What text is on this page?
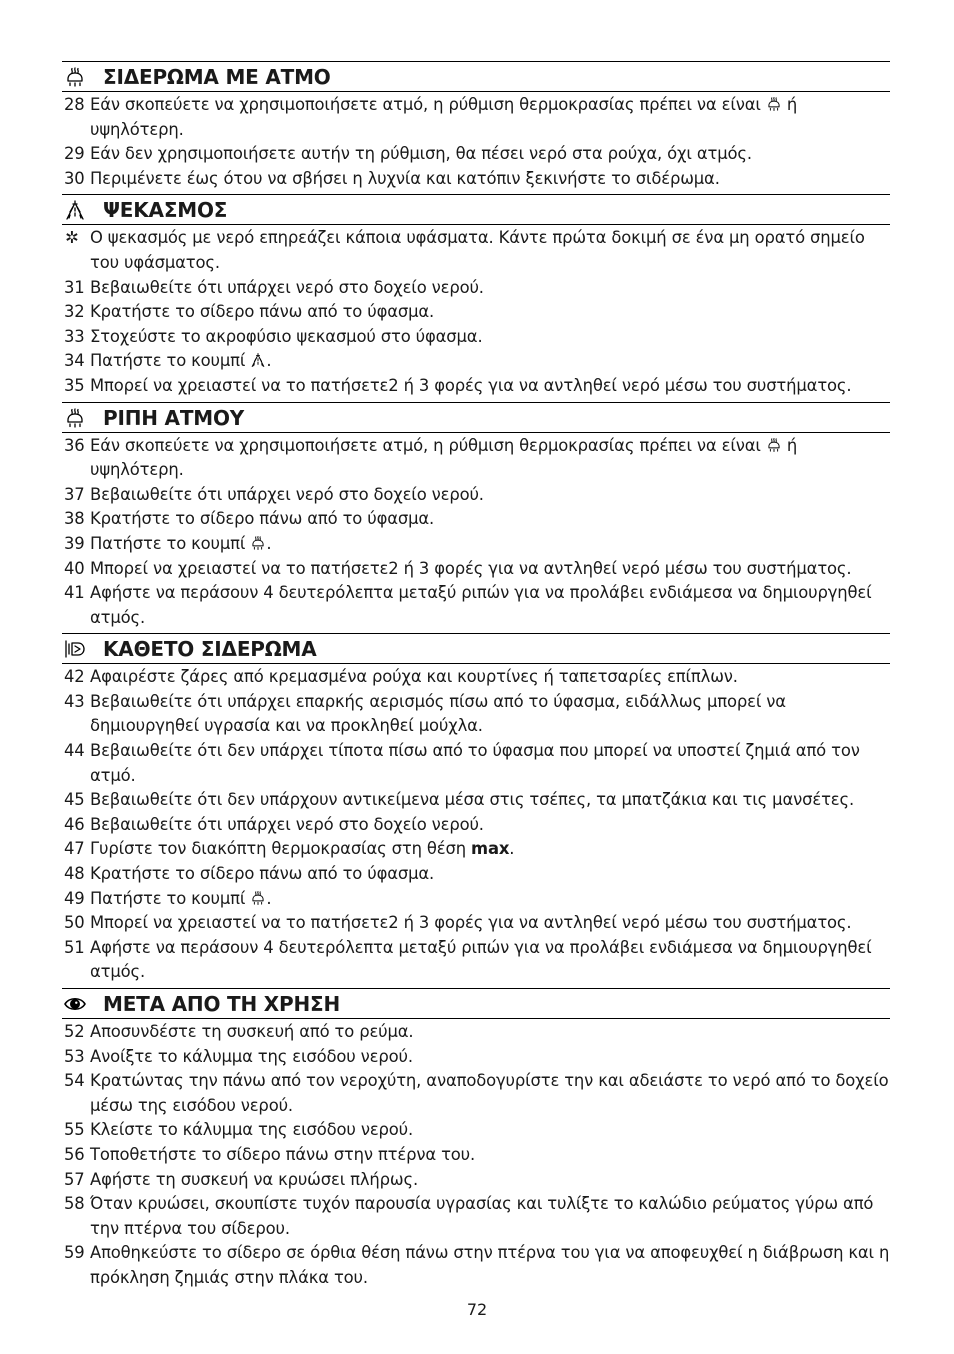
ΣΙΔΕΡΩΜΑ ΜΕ ΑΤΜΟ
28 Εάν σκοπεύετε να χρησιμοποιήσετε ατμό, η ρύθμιση θερμοκρασίας πρέπει να είναι
ή υψηλότερη.
29 Εάν δεν χρησιμοποιήσετε αυτήν τη ρύθμιση, θα πέσει νερό στα ρούχα, όχι ατμός.
30 Περιμένετε έως ότου να σβήσει η λυχνία και κατόπιν ξεκινήστε το σιδέρωμα.
ΨΕΚΑΣΜΟΣ
✲ Ο ψεκασμός με νερό επηρεάζει κάποια υφάσματα. Κάντε πρώτα δοκιμή σε ένα μη ορατό σημείο του υφάσματος.
31 Βεβαιωθείτε ότι υπάρχει νερό στο δοχείο νερού.
32 Κρατήστε το σίδερο πάνω από το ύφασμα.
33 Στοχεύστε το ακροφύσιο ψεκασμού στο ύφασμα.
34 Πατήστε το κουμπί
.
35 Μπορεί να χρειαστεί να το πατήσετε2 ή 3 φορές για να αντληθεί νερό μέσω του συστήματος.
ΡΙΠΗ ΑΤΜΟΥ
36 Εάν σκοπεύετε να χρησιμοποιήσετε ατμό, η ρύθμιση θερμοκρασίας πρέπει να είναι
ή υψηλότερη.
37 Βεβαιωθείτε ότι υπάρχει νερό στο δοχείο νερού.
38 Κρατήστε το σίδερο πάνω από το ύφασμα.
39 Πατήστε το κουμπί
.
40 Μπορεί να χρειαστεί να το πατήσετε2 ή 3 φορές για να αντληθεί νερό μέσω του συστήματος.
41 Αφήστε να περάσουν 4 δευτερόλεπτα μεταξύ ριπών για να προλάβει ενδιάμεσα να δημιουργηθεί ατμός.
ΚΑΘΕΤΟ ΣΙΔΕΡΩΜΑ
42 Αφαιρέστε ζάρες από κρεμασμένα ρούχα και κουρτίνες ή ταπετσαρίες επίπλων.
43 Βεβαιωθείτε ότι υπάρχει επαρκής αερισμός πίσω από το ύφασμα, ειδάλλως μπορεί να δημιουργηθεί υγρασία και να προκληθεί μούχλα.
44 Βεβαιωθείτε ότι δεν υπάρχει τίποτα πίσω από το ύφασμα που μπορεί να υποστεί ζημιά από τον ατμό.
45 Βεβαιωθείτε ότι δεν υπάρχουν αντικείμενα μέσα στις τσέπες, τα μπατζάκια και τις μανσέτες.
46 Βεβαιωθείτε ότι υπάρχει νερό στο δοχείο νερού.
47 Γυρίστε τον διακόπτη θερμοκρασίας στη θέση max.
48 Κρατήστε το σίδερο πάνω από το ύφασμα.
49 Πατήστε το κουμπί
.
50 Μπορεί να χρειαστεί να το πατήσετε2 ή 3 φορές για να αντληθεί νερό μέσω του συστήματος.
51 Αφήστε να περάσουν 4 δευτερόλεπτα μεταξύ ριπών για να προλάβει ενδιάμεσα να δημιουργηθεί ατμός.
ΜΕΤΑ ΑΠΟ ΤΗ ΧΡΗΣΗ
52 Αποσυνδέστε τη συσκευή από το ρεύμα.
53 Ανοίξτε το κάλυμμα της εισόδου νερού.
54 Κρατώντας την πάνω από τον νεροχύτη, αναποδογυρίστε την και αδειάστε το νερό από το δοχείο μέσω της εισόδου νερού.
55 Κλείστε το κάλυμμα της εισόδου νερού.
56 Τοποθετήστε το σίδερο πάνω στην πτέρνα του.
57 Αφήστε τη συσκευή να κρυώσει πλήρως.
58 Όταν κρυώσει, σκουπίστε τυχόν παρουσία υγρασίας και τυλίξτε το καλώδιο ρεύματος γύρω από την πτέρνα του σίδερου.
59 Αποθηκεύστε το σίδερο σε όρθια θέση πάνω στην πτέρνα του για να αποφευχθεί η διάβρωση και η πρόκληση ζημιάς στην πλάκα του.
72
